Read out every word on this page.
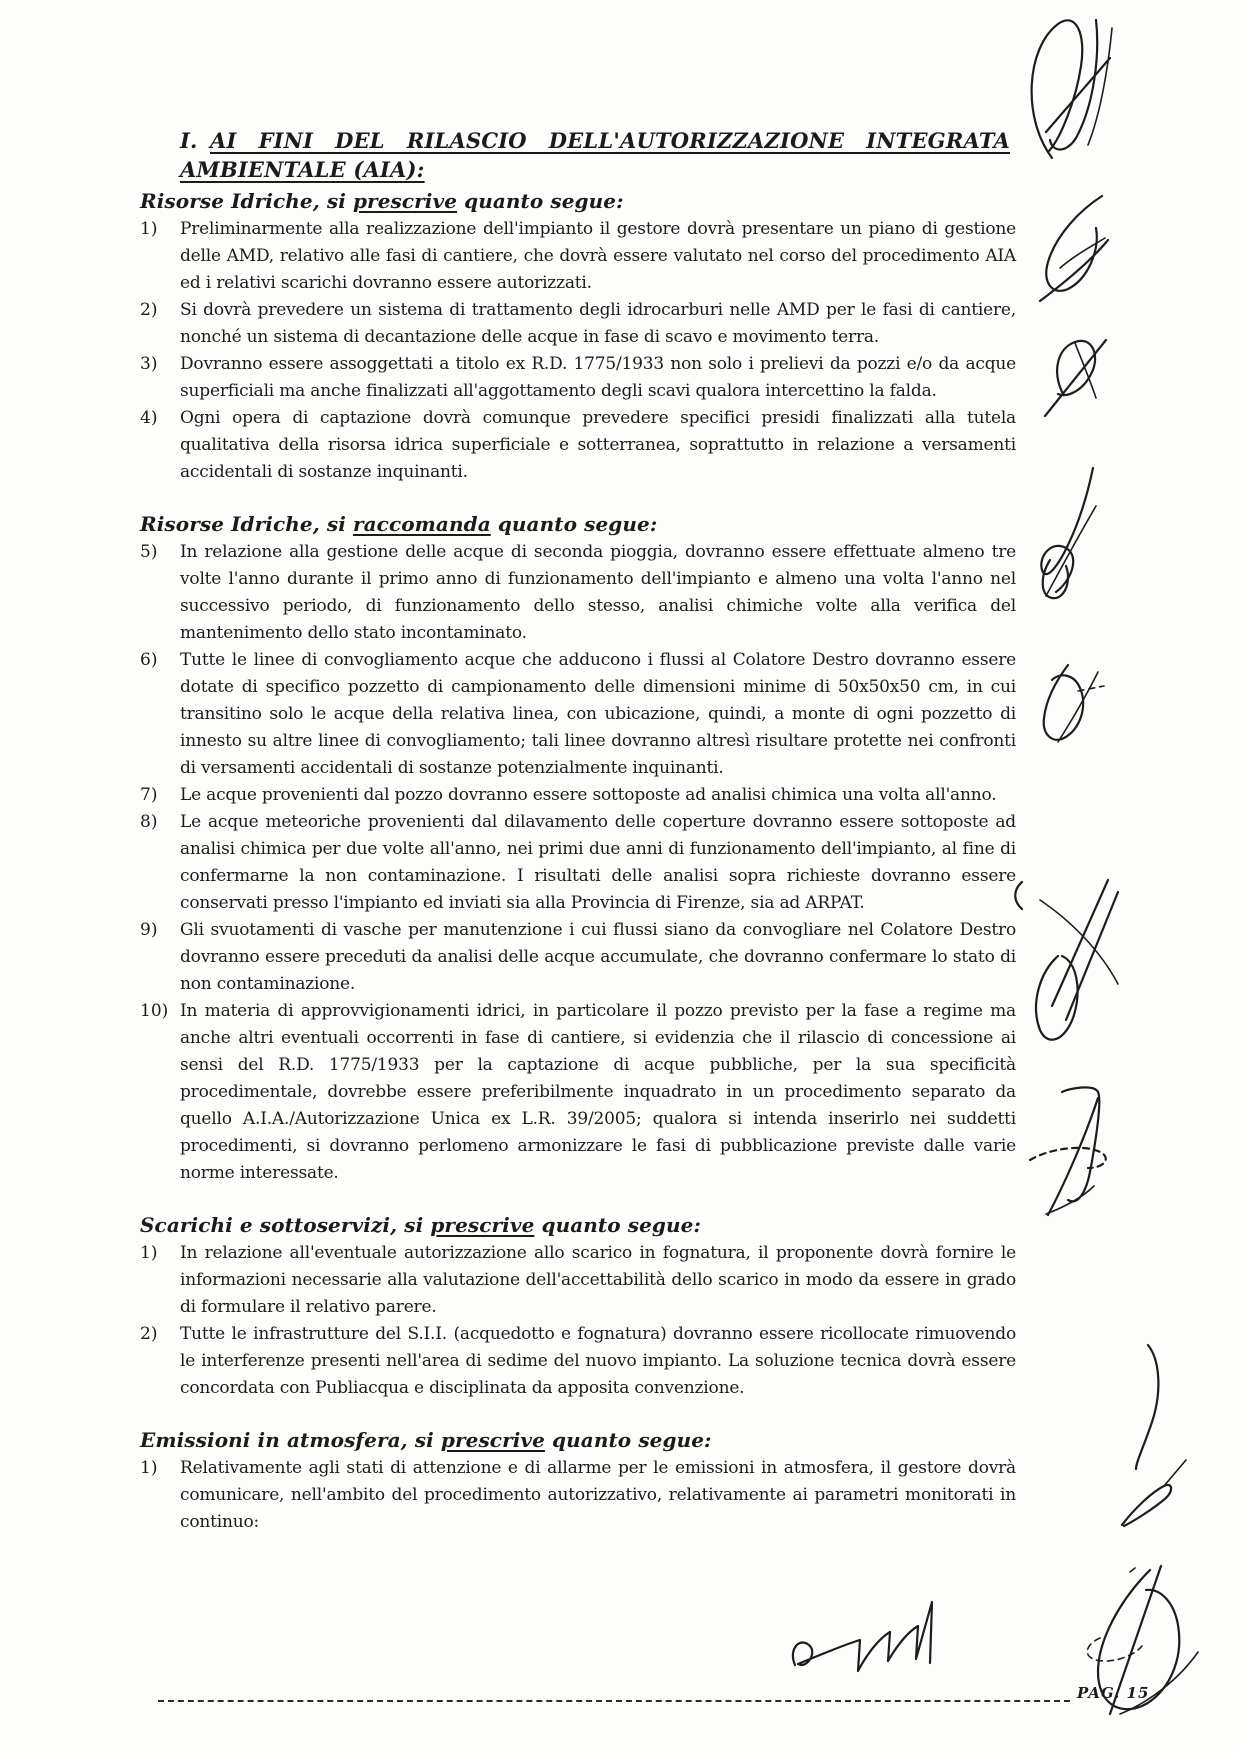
I. AI FINI DEL RILASCIO DELL'AUTORIZZAZIONE INTEGRATA
AMBIENTALE (AIA):
Risorse Idriche, si prescrive quanto segue:
1)	Preliminarmente alla realizzazione dell'impianto il gestore dovrà presentare un piano di gestione delle AMD, relativo alle fasi di cantiere, che dovrà essere valutato nel corso del procedimento AIA ed i relativi scarichi dovranno essere autorizzati.
2)	Si dovrà prevedere un sistema di trattamento degli idrocarburi nelle AMD per le fasi di cantiere, nonché un sistema di decantazione delle acque in fase di scavo e movimento terra.
3)	Dovranno essere assoggettati a titolo ex R.D. 1775/1933 non solo i prelievi da pozzi e/o da acque superficiali ma anche finalizzati all'aggottamento degli scavi qualora intercettino la falda.
4)	Ogni opera di captazione dovrà comunque prevedere specifici presidi finalizzati alla tutela qualitativa della risorsa idrica superficiale e sotterranea, soprattutto in relazione a versamenti accidentali di sostanze inquinanti.
Risorse Idriche, si raccomanda quanto segue:
5)	In relazione alla gestione delle acque di seconda pioggia, dovranno essere effettuate almeno tre volte l'anno durante il primo anno di funzionamento dell'impianto e almeno una volta l'anno nel successivo periodo, di funzionamento dello stesso, analisi chimiche volte alla verifica del mantenimento dello stato incontaminato.
6)	Tutte le linee di convogliamento acque che adducono i flussi al Colatore Destro dovranno essere dotate di specifico pozzetto di campionamento delle dimensioni minime di 50x50x50 cm, in cui transitino solo le acque della relativa linea, con ubicazione, quindi, a monte di ogni pozzetto di innesto su altre linee di convogliamento; tali linee dovranno altresì risultare protette nei confronti di versamenti accidentali di sostanze potenzialmente inquinanti.
7)	Le acque provenienti dal pozzo dovranno essere sottoposte ad analisi chimica una volta all'anno.
8)	Le acque meteoriche provenienti dal dilavamento delle coperture dovranno essere sottoposte ad analisi chimica per due volte all'anno, nei primi due anni di funzionamento dell'impianto, al fine di confermarne la non contaminazione. I risultati delle analisi sopra richieste dovranno essere conservati presso l'impianto ed inviati sia alla Provincia di Firenze, sia ad ARPAT.
9)	Gli svuotamenti di vasche per manutenzione i cui flussi siano da convogliare nel Colatore Destro dovranno essere preceduti da analisi delle acque accumulate, che dovranno confermare lo stato di non contaminazione.
10) In materia di approvvigionamenti idrici, in particolare il pozzo previsto per la fase a regime ma anche altri eventuali occorrenti in fase di cantiere, si evidenzia che il rilascio di concessione ai sensi del R.D. 1775/1933 per la captazione di acque pubbliche, per la sua specificità procedimentale, dovrebbe essere preferibilmente inquadrato in un procedimento separato da quello A.I.A./Autorizzazione Unica ex L.R. 39/2005; qualora si intenda inserirlo nei suddetti procedimenti, si dovranno perlomeno armonizzare le fasi di pubblicazione previste dalle varie norme interessate.
Scarichi e sottoservizi, si prescrive quanto segue:
1)	In relazione all'eventuale autorizzazione allo scarico in fognatura, il proponente dovrà fornire le informazioni necessarie alla valutazione dell'accettabilità dello scarico in modo da essere in grado di formulare il relativo parere.
2)	Tutte le infrastrutture del S.I.I. (acquedotto e fognatura) dovranno essere ricollocate rimuovendo le interferenze presenti nell'area di sedime del nuovo impianto. La soluzione tecnica dovrà essere concordata con Publiacqua e disciplinata da apposita convenzione.
Emissioni in atmosfera, si prescrive quanto segue:
1)	Relativamente agli stati di attenzione e di allarme per le emissioni in atmosfera, il gestore dovrà comunicare, nell'ambito del procedimento autorizzativo, relativamente ai parametri monitorati in continuo:
PAG. 15
